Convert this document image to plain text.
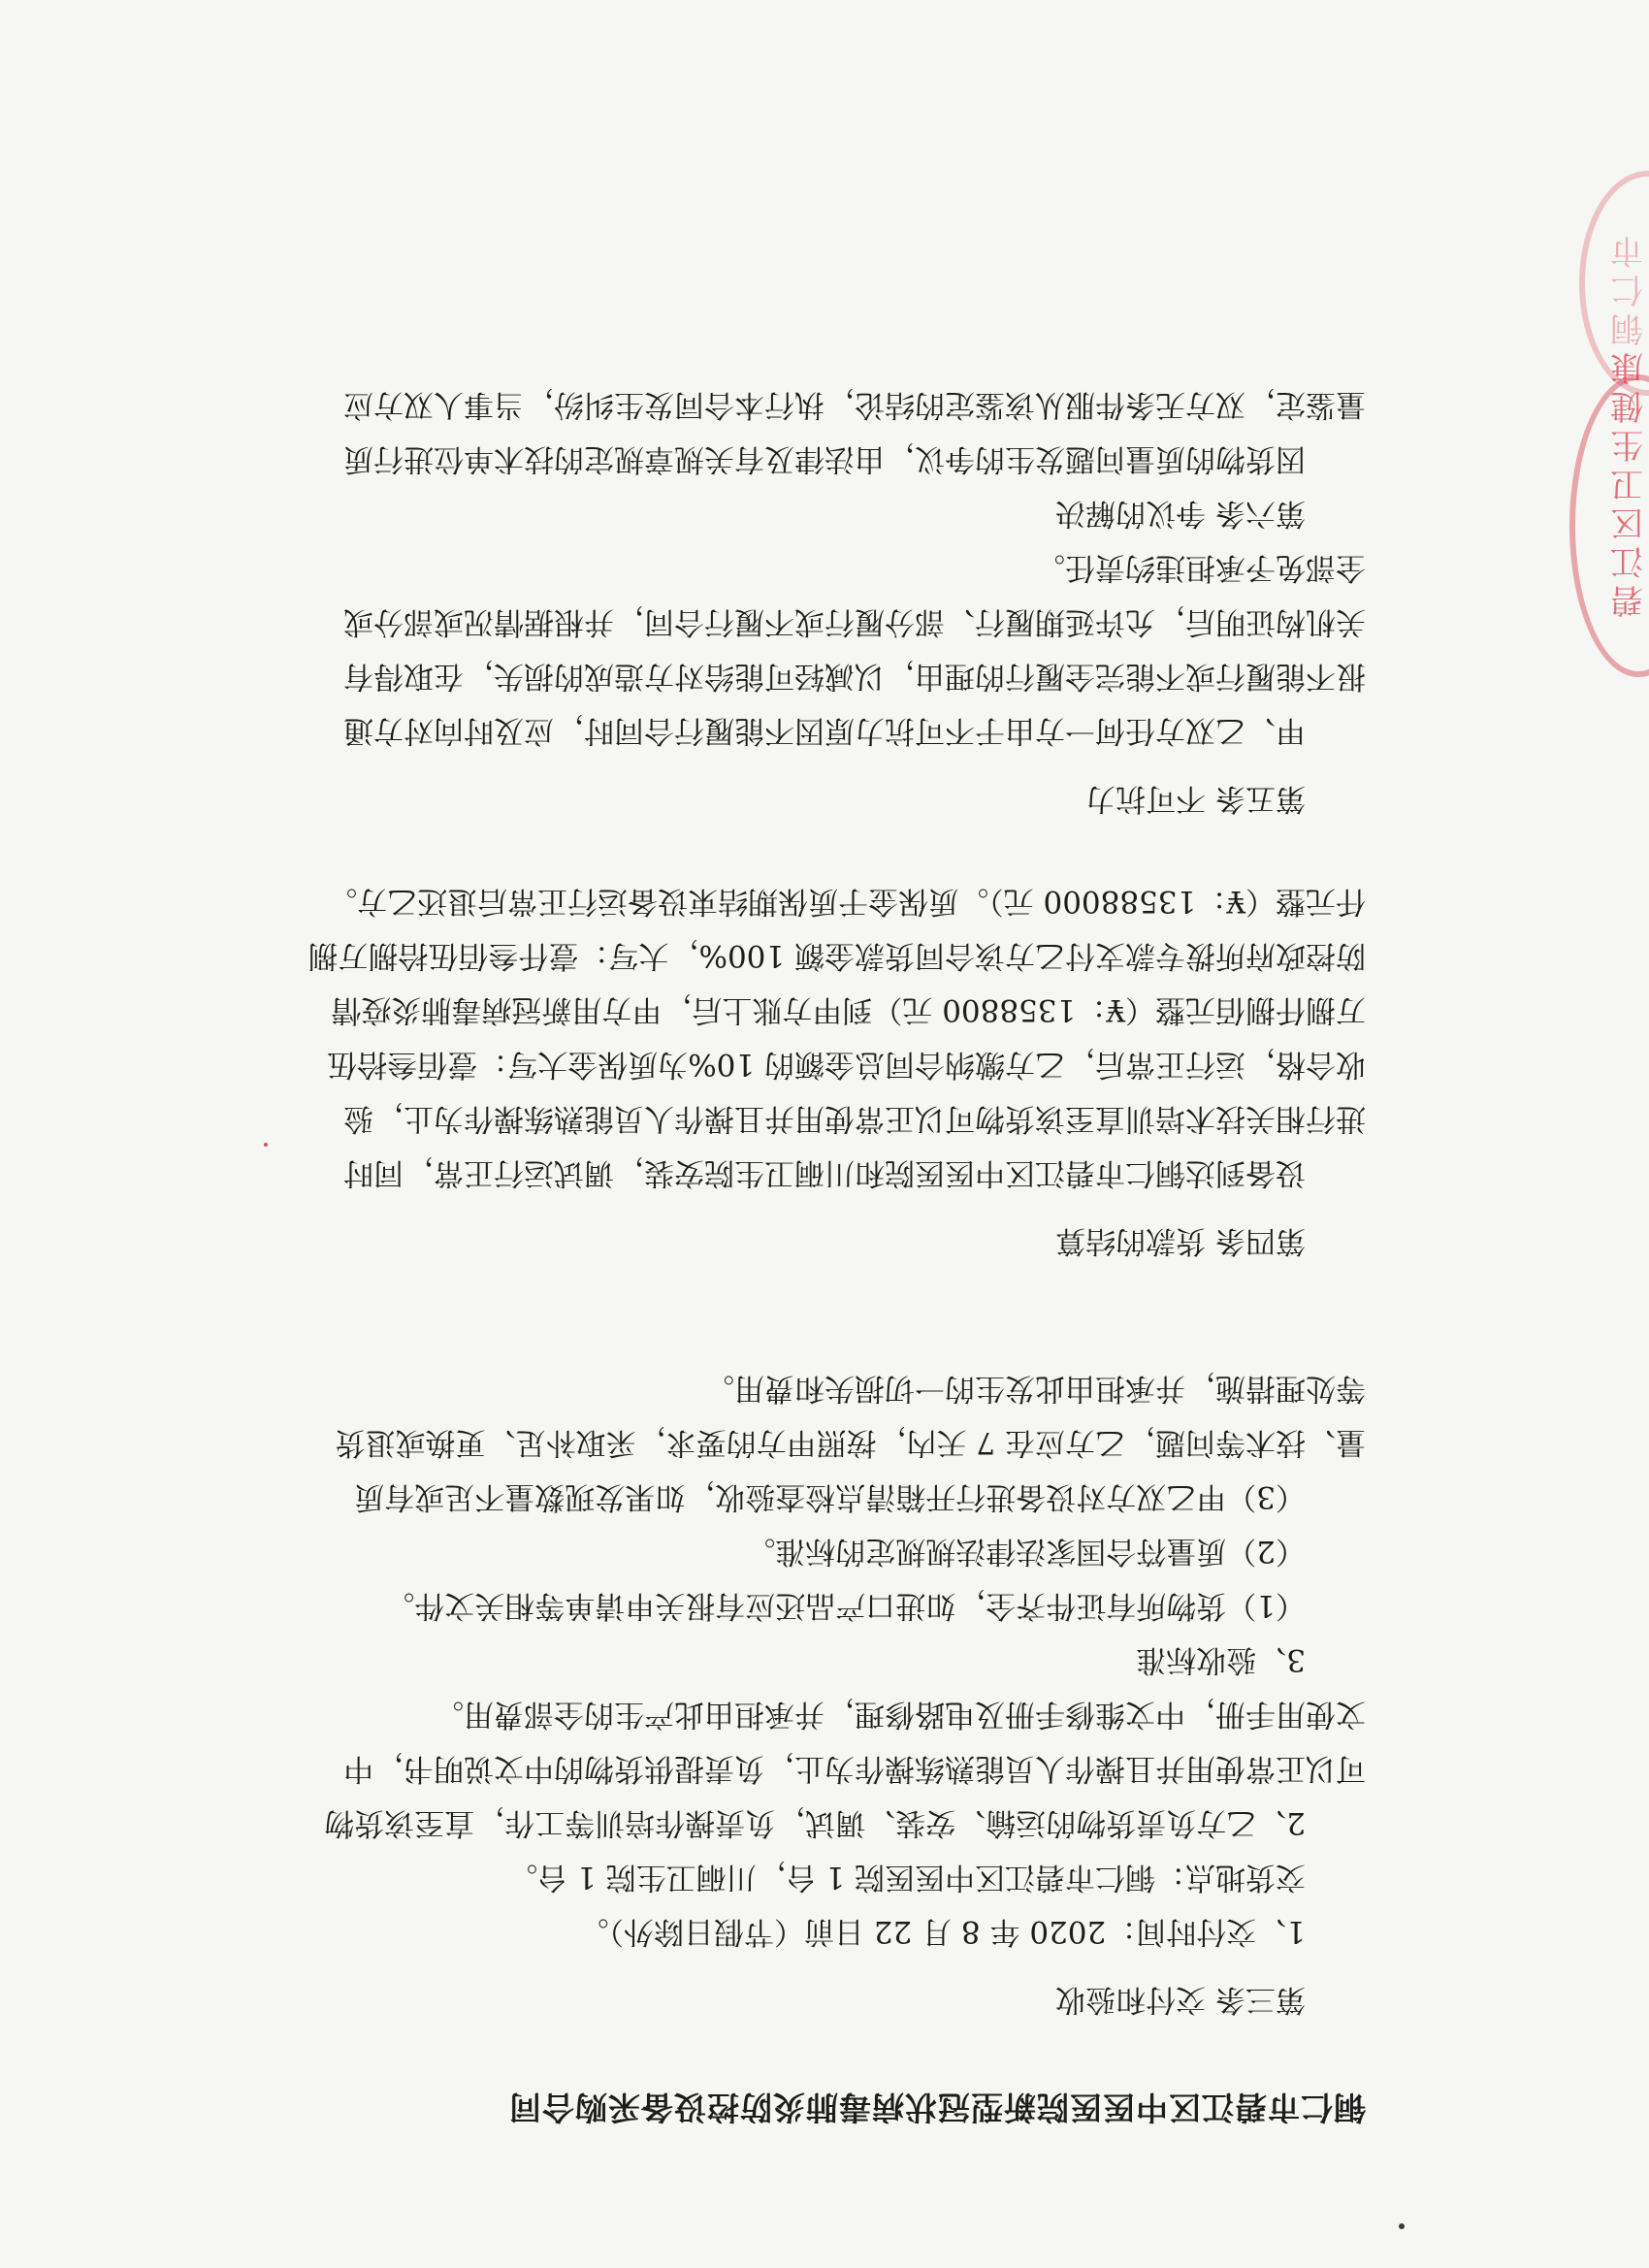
铜仁市碧江区中医医院新型冠状病毒肺炎防控设备采购合同

第三条 交付和验收

1、交付时间：2020 年 8 月 22 日前（节假日除外）。

交货地点：铜仁市碧江区中医医院 1 台，川硐卫生院 1 台。

2、乙方负责货物的运输、安装、调试，负责操作培训等工作，直至该货物

可以正常使用并且操作人员能熟练操作为止，负责提供货物的中文说明书，中

文使用手册，中文维修手册及电路修理，并承担由此产生的全部费用。

3、验收标准

（1）货物所有证件齐全，如进口产品还应有报关申请单等相关文件。

（2）质量符合国家法律法规规定的标准。

（3）甲乙双方对设备进行开箱清点检查验收，如果发现数量不足或有质

量、技术等问题，乙方应在 7 天内，按照甲方的要求，采取补足、更换或退货

等处理措施，并承担由此发生的一切损失和费用。

第四条 货款的结算

设备到达铜仁市碧江区中医医院和川硐卫生院安装，调试运行正常，同时

进行相关技术培训直至该货物可以正常使用并且操作人员能熟练操作为止，验

收合格，运行正常后，乙方缴纳合同总金额的 10%为质保金大写：壹佰叁拾伍

万捌仟捌佰元整（¥：1358800 元）到甲方账上后，甲方用新冠病毒肺炎疫情

防控政府所拨专款支付乙方该合同货款金额 100%，大写：壹仟叁佰伍拾捌万捌

仟元整（¥：13588000 元）。质保金于质保期结束设备运行正常后退还乙方。

第五条 不可抗力

甲、乙双方任何一方由于不可抗力原因不能履行合同时，应及时向对方通

报不能履行或不能完全履行的理由，以减轻可能给对方造成的损失，在取得有

关机构证明后，允许延期履行、部分履行或不履行合同，并根据情况或部分或

全部免予承担违约责任。

第六条 争议的解决

因货物的质量问题发生的争议，由法律及有关规章规定的技术单位进行质

量鉴定，双方无条件服从该鉴定的结论，执行本合同发生纠纷，当事人双方应

碧江区卫生健康
铜仁市
